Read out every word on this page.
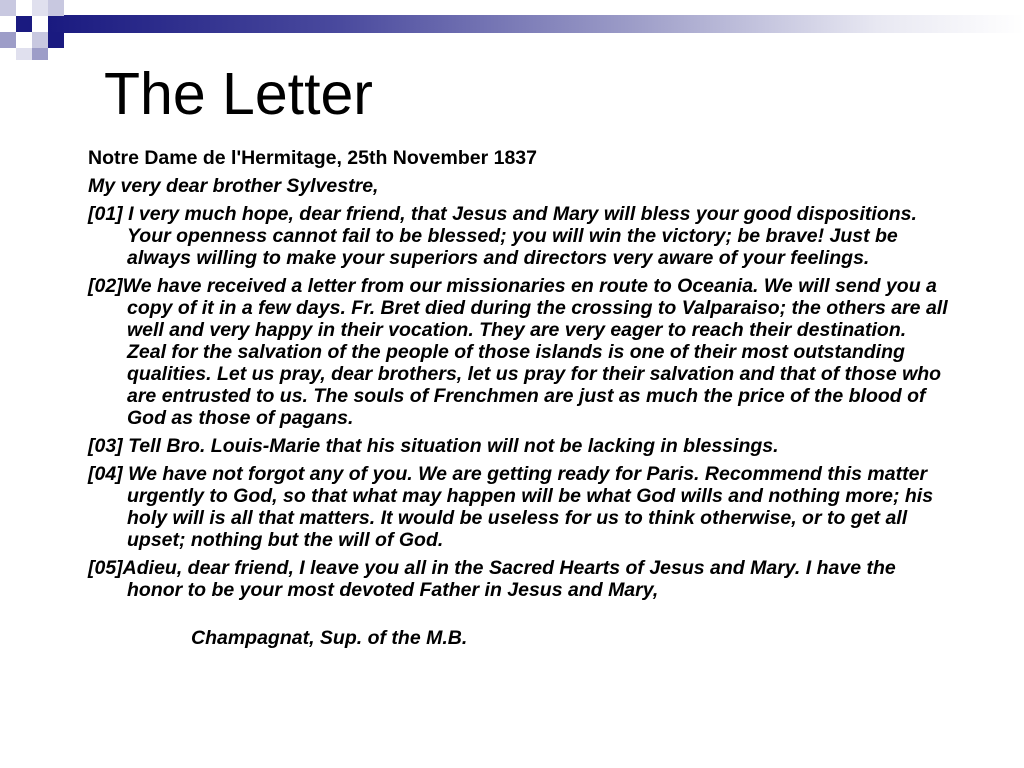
The Letter

Notre Dame de l'Hermitage, 25th November 1837

My very dear brother Sylvestre,

[01] I very much hope, dear friend, that Jesus and Mary will bless your good dispositions. Your openness cannot fail to be blessed; you will win the victory; be brave! Just be always willing to make your superiors and directors very aware of your feelings.

[02]We have received a letter from our missionaries en route to Oceania. We will send you a copy of it in a few days. Fr. Bret died during the crossing to Valparaiso; the others are all well and very happy in their vocation. They are very eager to reach their destination. Zeal for the salvation of the people of those islands is one of their most outstanding qualities. Let us pray, dear brothers, let us pray for their salvation and that of those who are entrusted to us. The souls of Frenchmen are just as much the price of the blood of God as those of pagans.

[03] Tell Bro. Louis-Marie that his situation will not be lacking in blessings.

[04] We have not forgot any of you. We are getting ready for Paris. Recommend this matter urgently to God, so that what may happen will be what God wills and nothing more; his holy will is all that matters. It would be useless for us to think otherwise, or to get all upset; nothing but the will of God.

[05]Adieu, dear friend, I leave you all in the Sacred Hearts of Jesus and Mary. I have the honor to be your most devoted Father in Jesus and Mary,

Champagnat, Sup. of the M.B.
